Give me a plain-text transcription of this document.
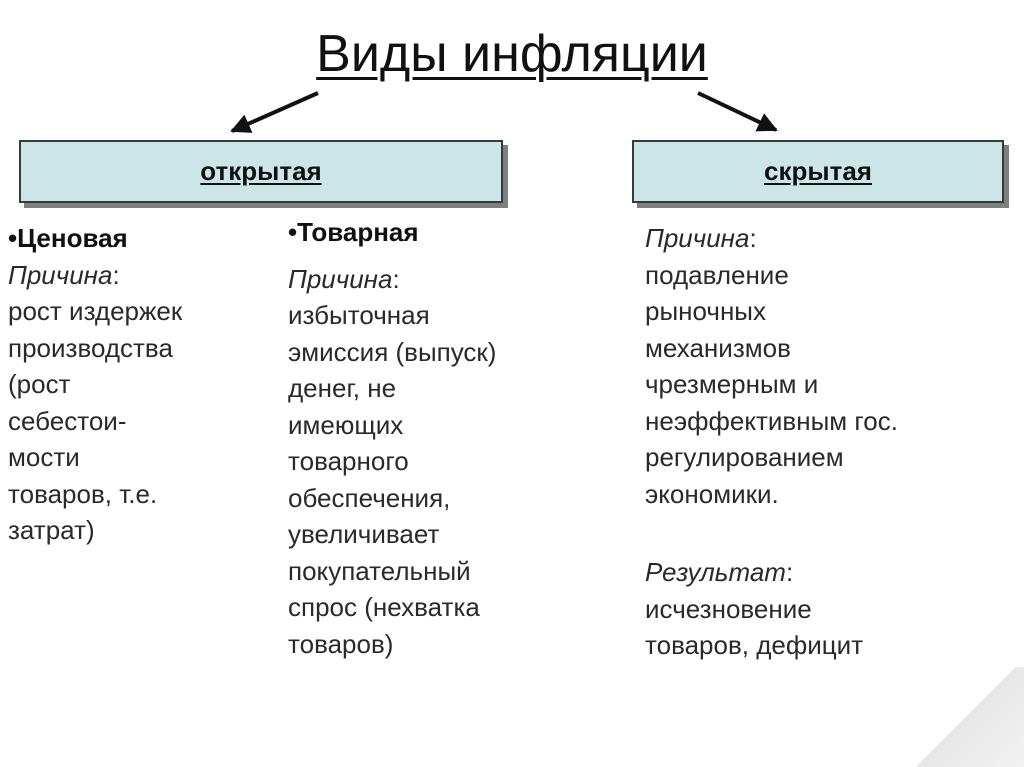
Виды инфляции
открытая	скрытая

•Ценовая

Причина:

рост издержек

производства

(рост

себестои-

мости

товаров, т.е.

затрат)

•Товарная

Причина:

избыточная

эмиссия (выпуск)

денег, не

имеющих

товарного

обеспечения,

увеличивает

покупательный

спрос (нехватка

товаров)

Причина:

подавление

рыночных

механизмов

чрезмерным и

неэффективным гос.

регулированием

экономики.

Результат:

исчезновение

товаров, дефицит
